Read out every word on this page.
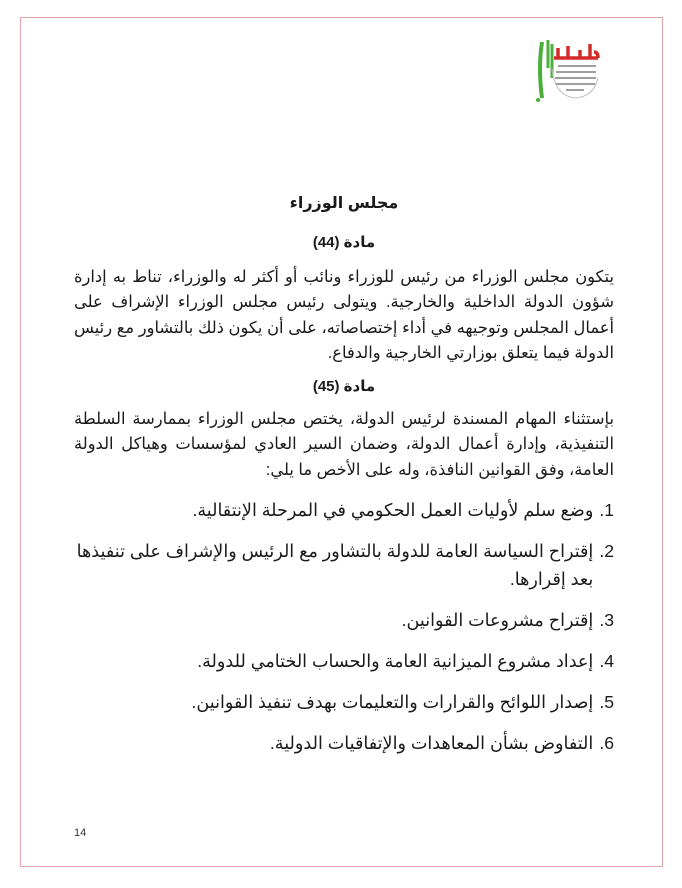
مجلس الوزراء
مادة (44)

يتكون مجلس الوزراء من رئيس للوزراء ونائب أو أكثر له والوزراء، تناط به إدارة شؤون الدولة الداخلية والخارجية. ويتولى رئيس مجلس الوزراء الإشراف على أعمال المجلس وتوجيهه في أداء إختصاصاته، على أن يكون ذلك بالتشاور مع رئيس الدولة فيما يتعلق بوزارتي الخارجية والدفاع.

مادة (45)

بإستثناء المهام المسندة لرئيس الدولة، يختص مجلس الوزراء بممارسة السلطة التنفيذية، وإدارة أعمال الدولة، وضمان السير العادي لمؤسسات وهياكل الدولة العامة، وفق القوانين النافذة، وله على الأخص ما يلي:

1.
وضع سلم لأوليات العمل الحكومي في المرحلة الإنتقالية.
2.
إقتراح السياسة العامة للدولة بالتشاور مع الرئيس والإشراف على تنفيذها بعد إقرارها.
3.
إقتراح مشروعات القوانين.
4.
إعداد مشروع الميزانية العامة والحساب الختامي للدولة.
5.
إصدار اللوائح والقرارات والتعليمات بهدف تنفيذ القوانين.
6.
التفاوض بشأن المعاهدات والإتفاقيات الدولية.
14
